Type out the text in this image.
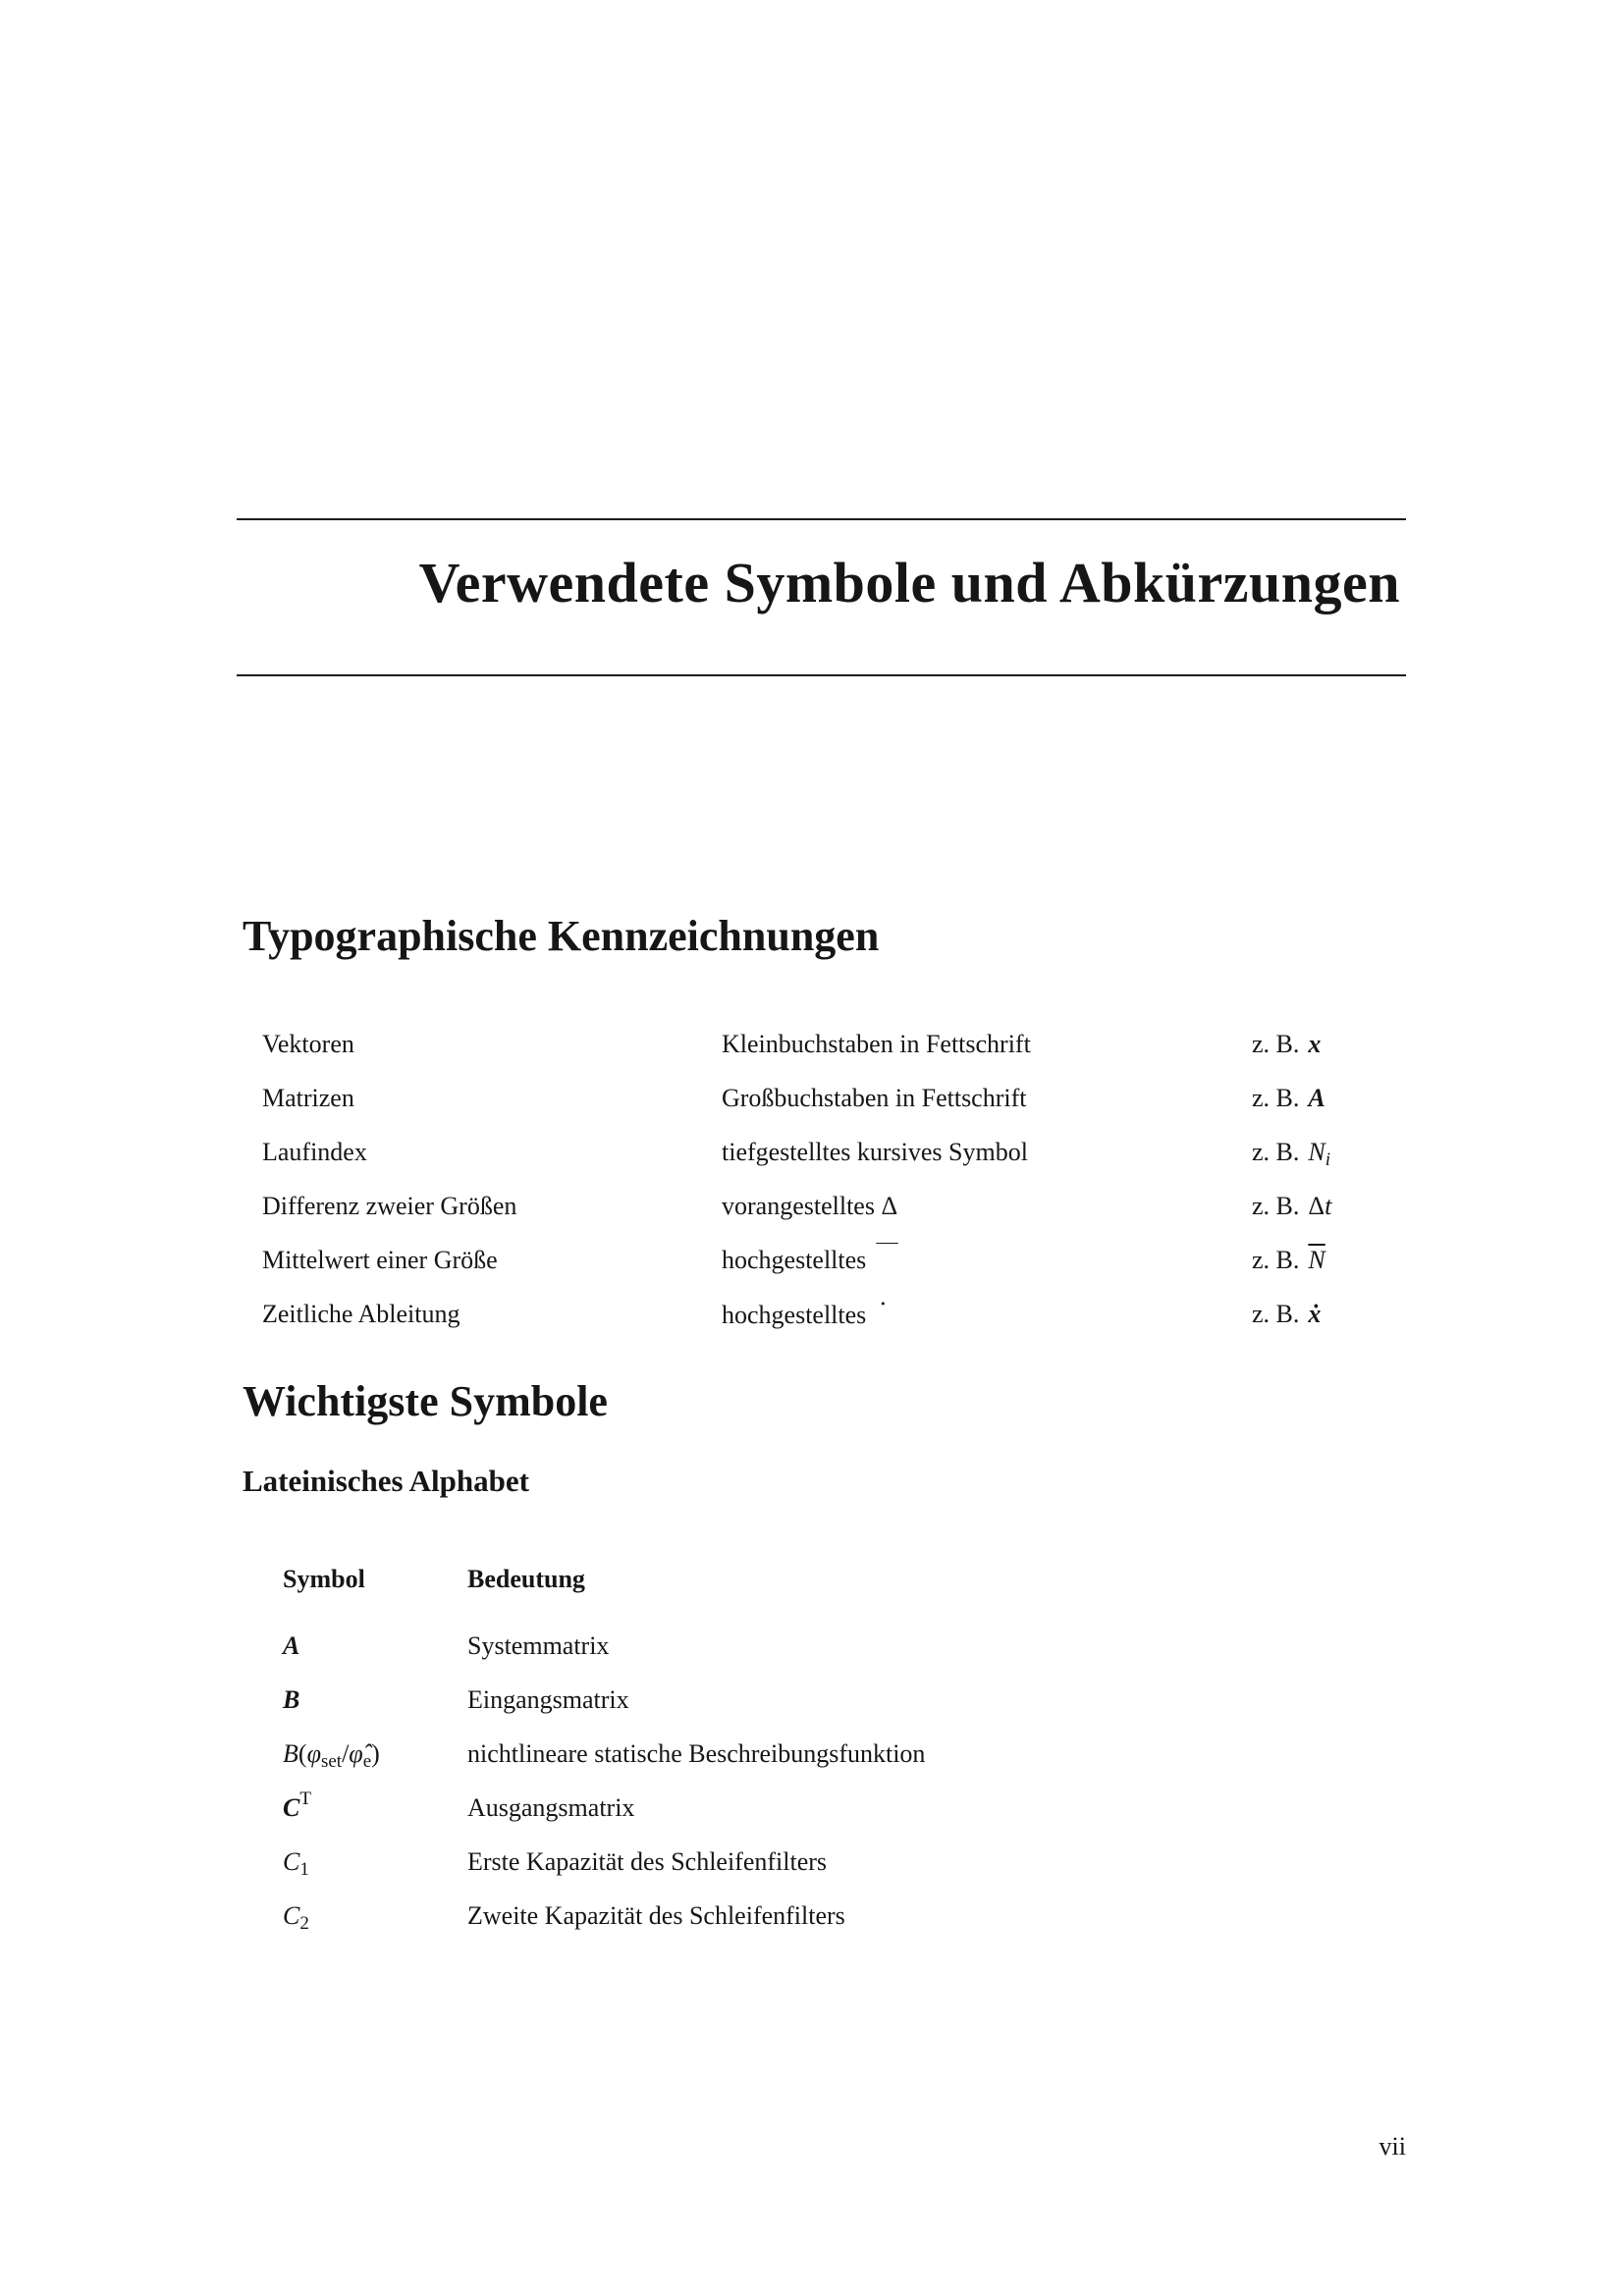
Verwendete Symbole und Abkürzungen
Typographische Kennzeichnungen
Vektoren	Kleinbuchstaben in Fettschrift	z. B. x
Matrizen	Großbuchstaben in Fettschrift	z. B. A
Laufindex	tiefgestelltes kursives Symbol	z. B. $N_i$
Differenz zweier Größen	vorangestelltes Δ	z. B. Δt
Mittelwert einer Größe	hochgestelltes ‾	z. B. $\overline{N}$
Zeitliche Ableitung	hochgestelltes ˙	z. B. ẋ
Wichtigste Symbole
Lateinisches Alphabet
Symbol	Bedeutung
A	Systemmatrix
B	Eingangsmatrix
$B(\varphi_{set}/\varphî_e)$	nichtlineare statische Beschreibungsfunktion
$C^T$	Ausgangsmatrix
$C_1$	Erste Kapazität des Schleifenfilters
$C_2$	Zweite Kapazität des Schleifenfilters
vii
